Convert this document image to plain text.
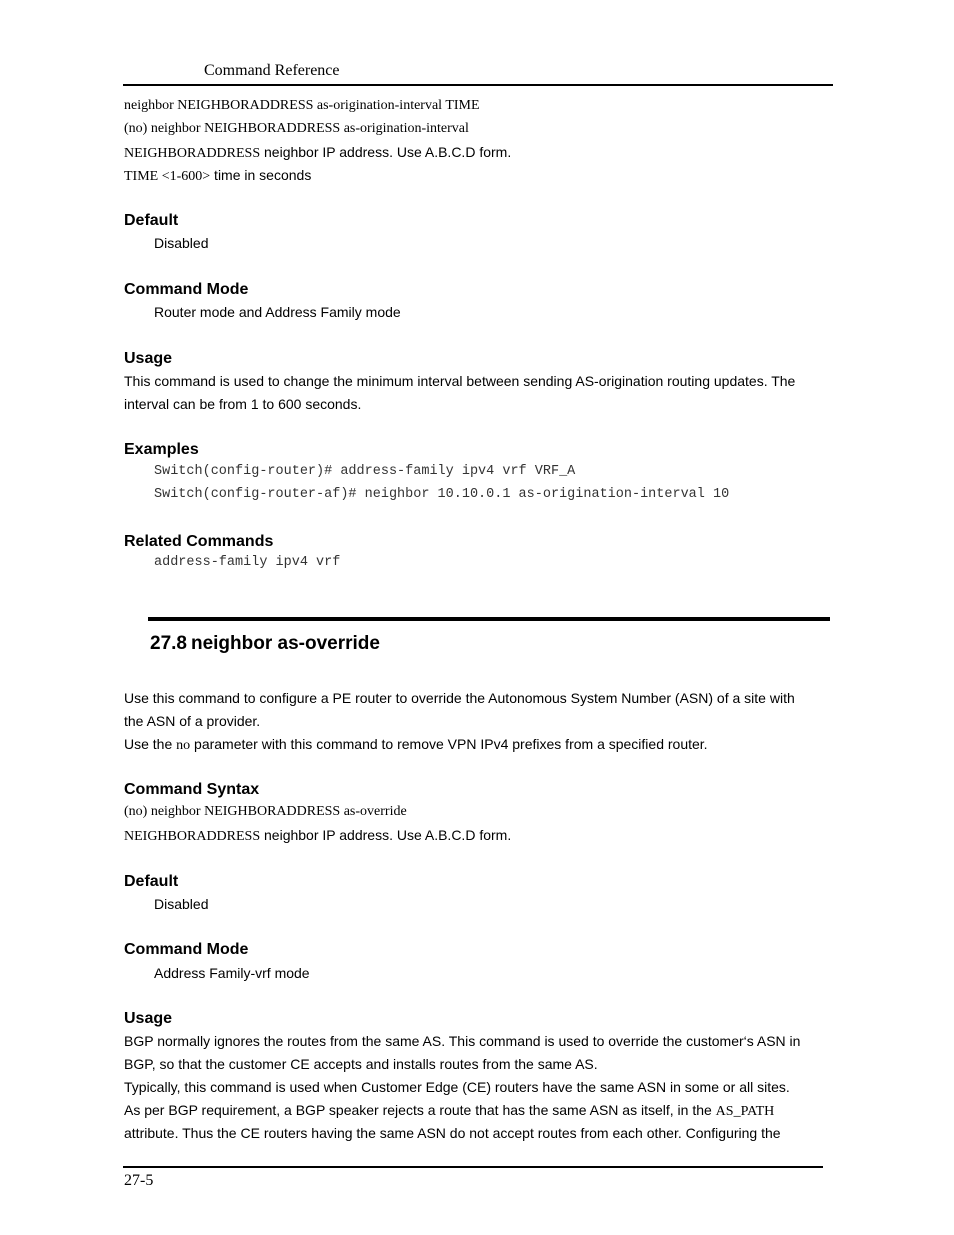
Command Reference
neighbor NEIGHBORADDRESS as-origination-interval TIME
(no) neighbor NEIGHBORADDRESS as-origination-interval
NEIGHBORADDRESS neighbor IP address. Use A.B.C.D form.
TIME <1-600> time in seconds
Default
Disabled
Command Mode
Router mode and Address Family mode
Usage
This command is used to change the minimum interval between sending AS-origination routing updates. The
interval can be from 1 to 600 seconds.
Examples
Switch(config-router)# address-family ipv4 vrf VRF_A
Switch(config-router-af)# neighbor 10.10.0.1 as-origination-interval 10
Related Commands
address-family ipv4 vrf
27.8 neighbor as-override
Use this command to configure a PE router to override the Autonomous System Number (ASN) of a site with
the ASN of a provider.
Use the no parameter with this command to remove VPN IPv4 prefixes from a specified router.
Command Syntax
(no) neighbor NEIGHBORADDRESS as-override
NEIGHBORADDRESS neighbor IP address. Use A.B.C.D form.
Default
Disabled
Command Mode
Address Family-vrf mode
Usage
BGP normally ignores the routes from the same AS. This command is used to override the customer‘s ASN in
BGP, so that the customer CE accepts and installs routes from the same AS.
Typically, this command is used when Customer Edge (CE) routers have the same ASN in some or all sites.
As per BGP requirement, a BGP speaker rejects a route that has the same ASN as itself, in the AS_PATH
attribute. Thus the CE routers having the same ASN do not accept routes from each other. Configuring the
27-5
